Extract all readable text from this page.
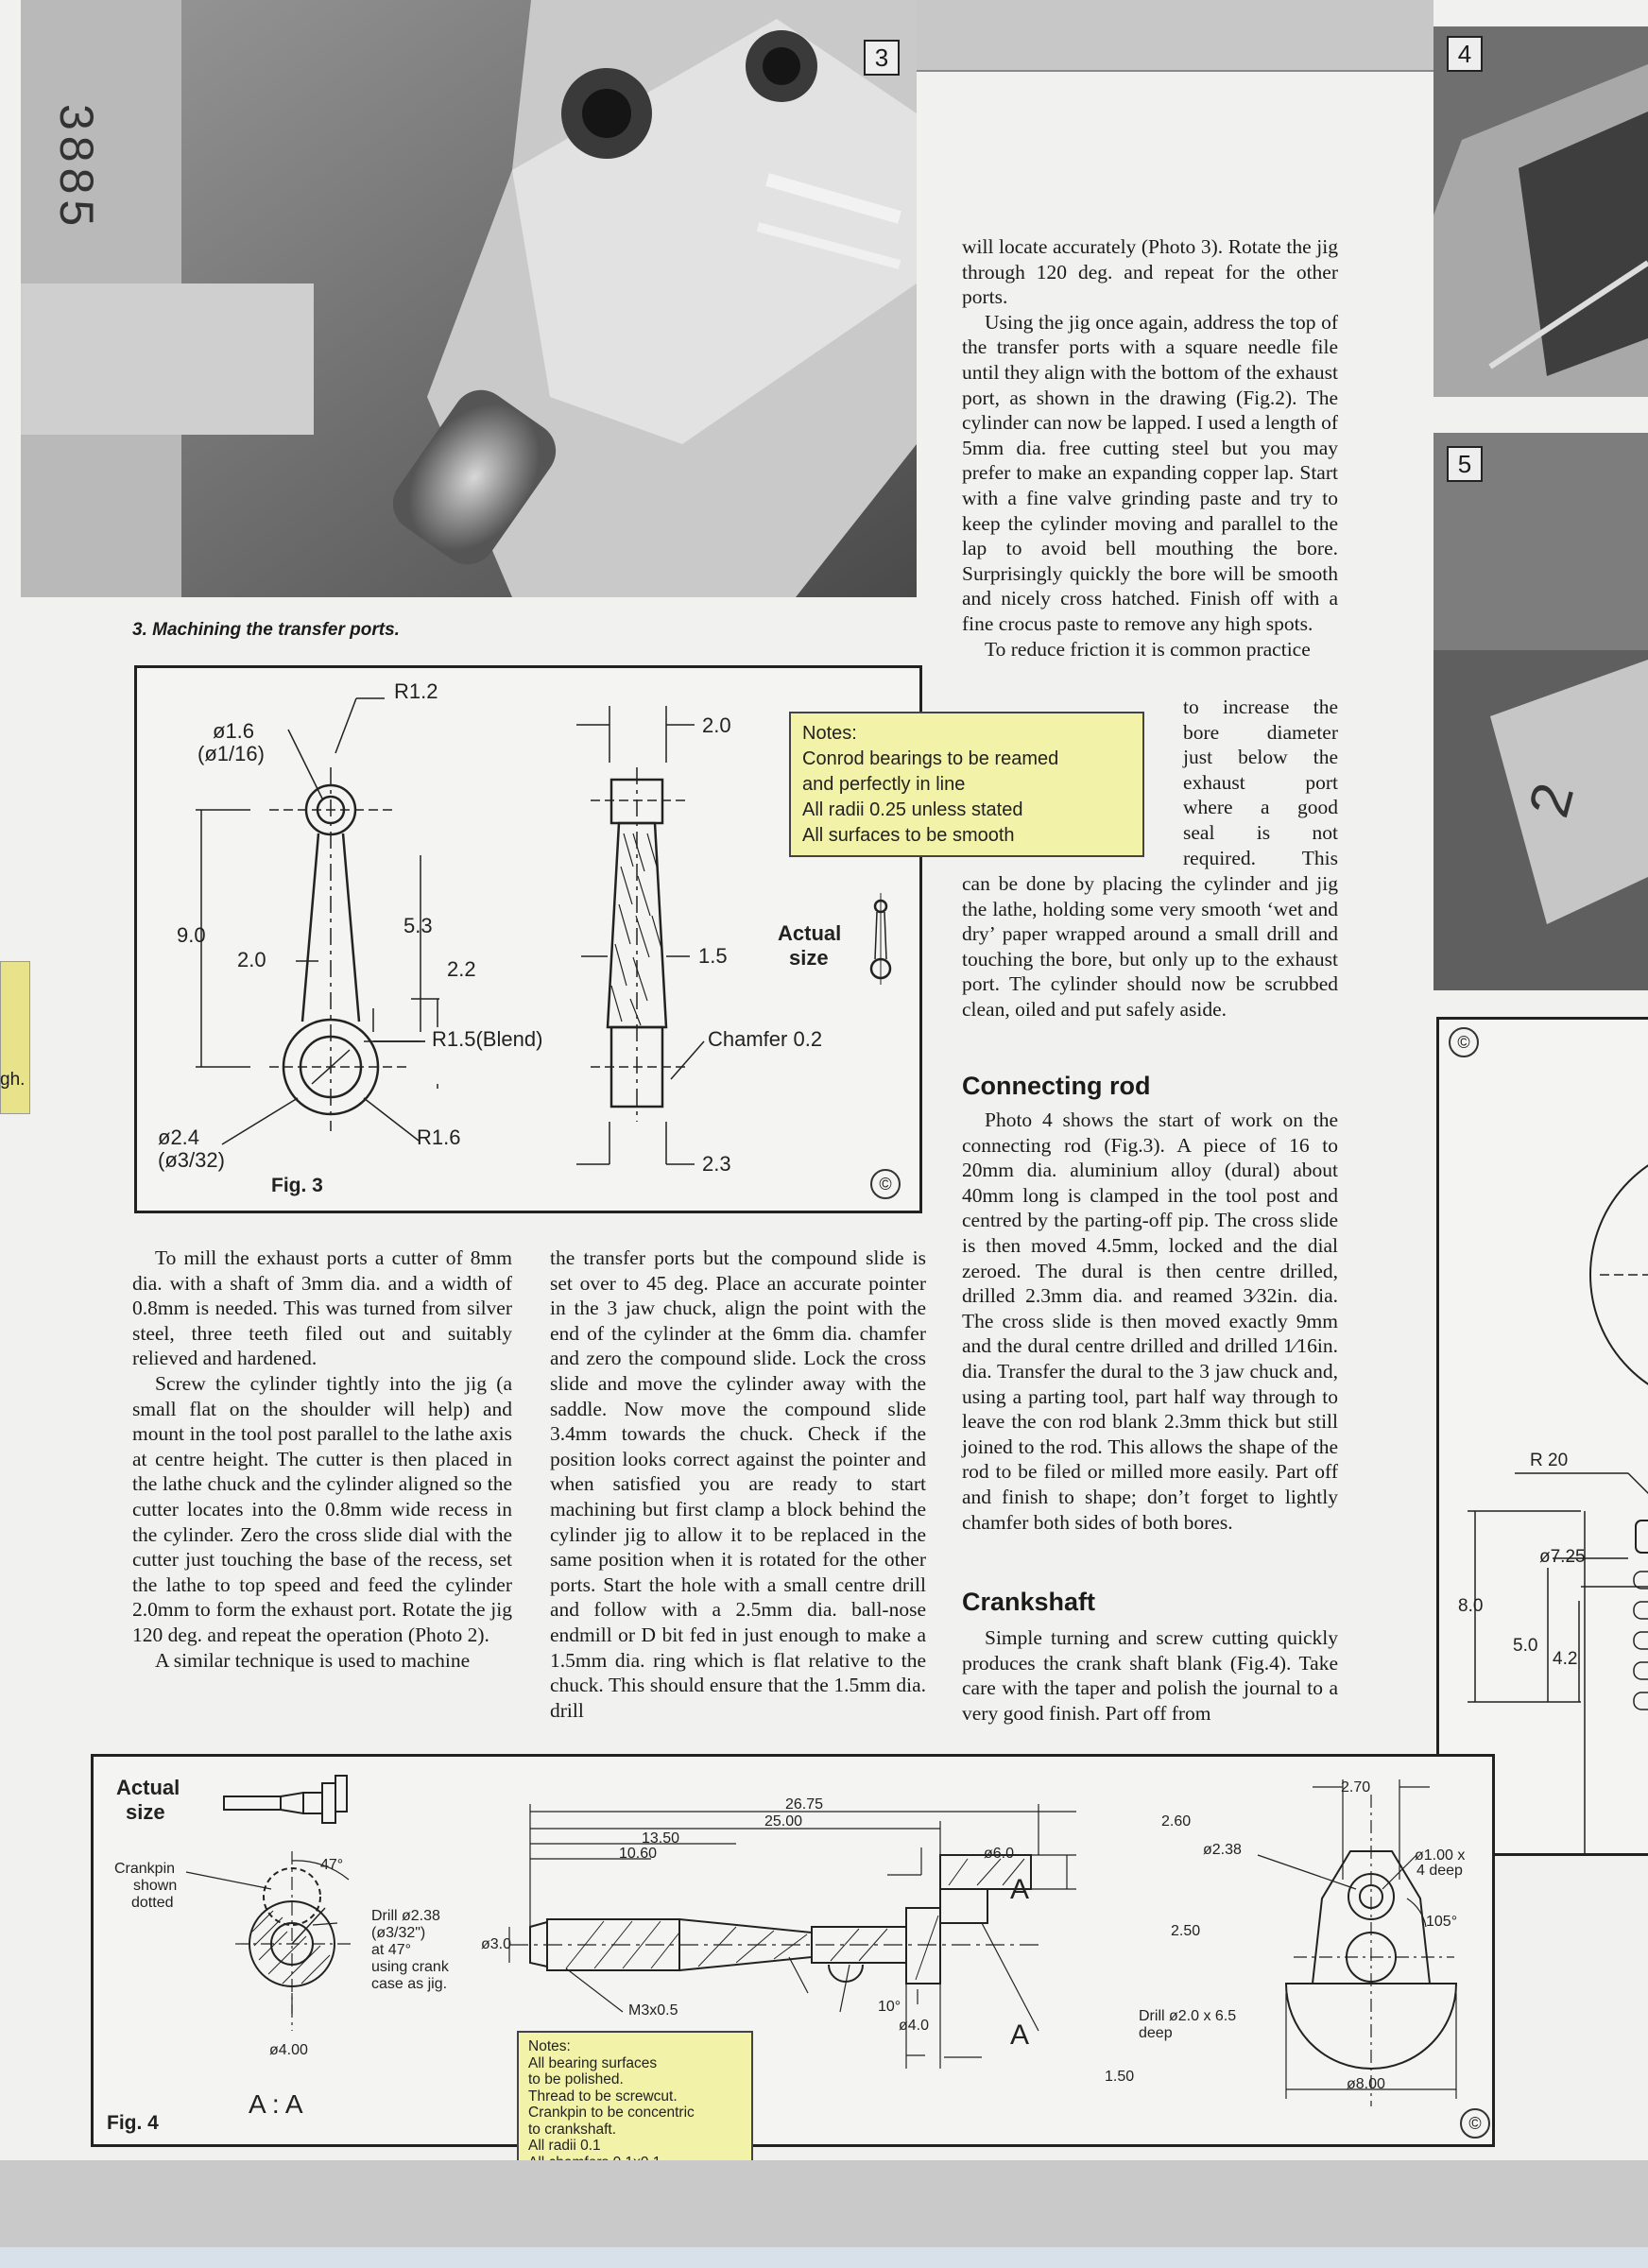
3
3885
3. Machining the transfer ports.
4
2
5
gh.

will locate accurately (Photo 3). Rotate the jig through 120 deg. and repeat for the other ports.

Using the jig once again, address the top of the transfer ports with a square needle file until they align with the bottom of the exhaust port, as shown in the drawing (Fig.2). The cylinder can now be lapped. I used a length of 5mm dia. free cutting steel but you may prefer to make an expanding copper lap. Start with a fine valve grinding paste and try to keep the cylinder moving and parallel to the lap to avoid bell mouthing the bore. Surprisingly quickly the bore will be smooth and nicely cross hatched. Finish off with a fine crocus paste to remove any high spots.

To reduce friction it is common practice

to increase the
bore diameter
just below the
exhaust port
where a good
seal is not
required. This

can be done by placing the cylinder and jig the lathe, holding some very smooth ‘wet and dry’ paper wrapped around a small drill and touching the bore, but only up to the exhaust port. The cylinder should now be scrubbed clean, oiled and put safely aside.

Connecting rod

Photo 4 shows the start of work on the connecting rod (Fig.3). A piece of 16 to 20mm dia. aluminium alloy (dural) about 40mm long is clamped in the tool post and centred by the parting-off pip. The cross slide is then moved 4.5mm, locked and the dial zeroed. The dural is then centre drilled, drilled 2.3mm dia. and reamed 3⁄32in. dia. The cross slide is then moved exactly 9mm and the dural centre drilled and drilled 1⁄16in. dia. Transfer the dural to the 3 jaw chuck and, using a parting tool, part half way through to leave the con rod blank 2.3mm thick but still joined to the rod. This allows the shape of the rod to be filed or milled more easily. Part off and finish to shape; don’t forget to lightly chamfer both sides of both bores.

Crankshaft

Simple turning and screw cutting quickly produces the crank shaft blank (Fig.4). Take care with the taper and polish the journal to a very good finish. Part off from

To mill the exhaust ports a cutter of 8mm dia. with a shaft of 3mm dia. and a width of 0.8mm is needed. This was turned from silver steel, three teeth filed out and suitably relieved and hardened.

Screw the cylinder tightly into the jig (a small flat on the shoulder will help) and mount in the tool post parallel to the lathe axis at centre height. The cutter is then placed in the lathe chuck and the cylinder aligned so the cutter locates into the 0.8mm wide recess in the cylinder. Zero the cross slide dial with the cutter just touching the base of the recess, set the lathe to top speed and feed the cylinder 2.0mm to form the exhaust port. Rotate the jig 120 deg. and repeat the operation (Photo 2).

A similar technique is used to machine

the transfer ports but the compound slide is set over to 45 deg. Place an accurate pointer in the 3 jaw chuck, align the point with the end of the cylinder at the 6mm dia. chamfer and zero the compound slide. Lock the cross slide and move the cylinder away with the saddle. Now move the compound slide 3.4mm towards the chuck. Check if the position looks correct against the pointer and when satisfied you are ready to start machining but first clamp a block behind the cylinder jig to allow it to be replaced in the same position when it is rotated for the other ports. Start the hole with a small centre drill and follow with a 2.5mm dia. ball-nose endmill or D bit fed in just enough to make a 1.5mm dia. ring which is flat relative to the chuck. This should ensure that the 1.5mm dia. drill

R1.2
ø1.6
(ø1/16)
9.0
2.0
5.3
2.2
R1.5(Blend)
ø2.4
(ø3/32)
R1.6
2.0
1.5
Chamfer 0.2
2.3
Actual
size
Fig. 3	©
Notes:
Conrod bearings to be reamed
and perfectly in line
All radii 0.25 unless stated
All surfaces to be smooth
©
R 20
ø7.25
8.0
5.0
4.2
Actual
size
Crankpin
shown
dotted
47°
Drill ø2.38
(ø3/32")
at 47°
using crank
case as jig.
ø4.00
A : A
Fig. 4
ø3.0
26.75
25.00
13.50
10.60	ø6.0
2.60
2.50
M3x0.5	10°
ø4.0
A
A
Drill ø2.0 x 6.5
deep
1.50
2.70
ø2.38	ø1.00 x
4 deep
105°
ø8.00
©
Notes:
All bearing surfaces
to be polished.
Thread to be screwcut.
Crankpin to be concentric
to crankshaft.
All radii 0.1
